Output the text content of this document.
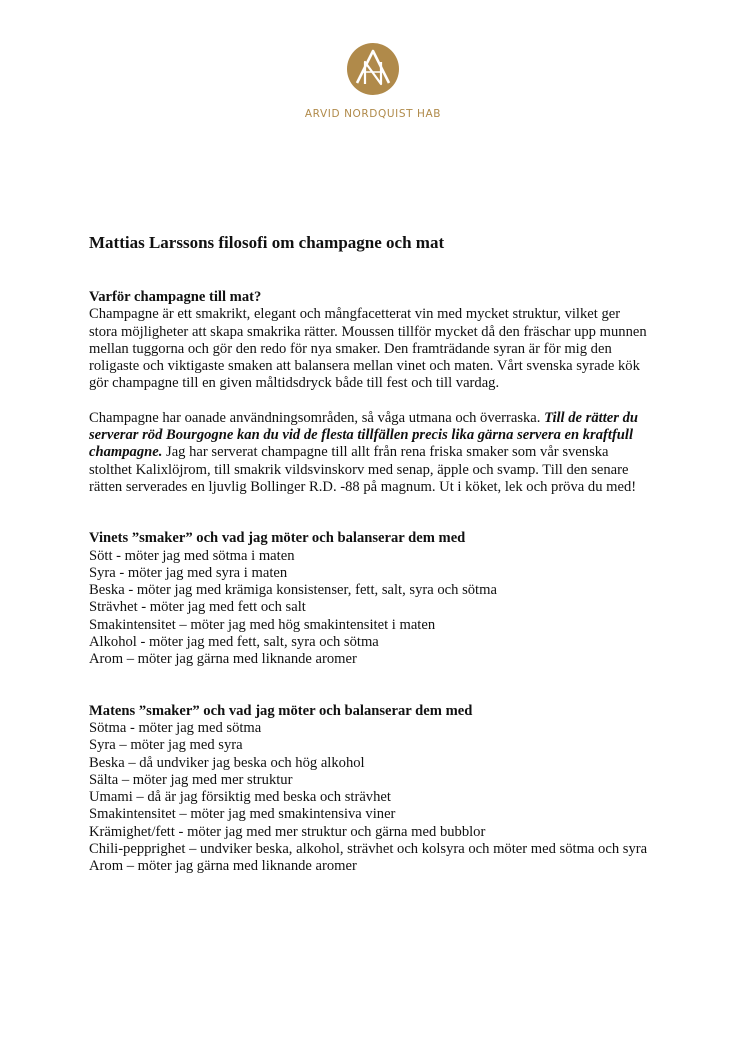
ARVID NORDQUIST HAB
Mattias Larssons filosofi om champagne och mat
Varför champagne till mat?

Champagne är ett smakrikt, elegant och mångfacetterat vin med mycket struktur, vilket ger stora möjligheter att skapa smakrika rätter. Moussen tillför mycket då den fräschar upp munnen mellan tuggorna och gör den redo för nya smaker. Den framträdande syran är för mig den roligaste och viktigaste smaken att balansera mellan vinet och maten. Vårt svenska syrade kök gör champagne till en given måltidsdryck både till fest och till vardag.

Champagne har oanade användningsområden, så våga utmana och överraska. Till de rätter du serverar röd Bourgogne kan du vid de flesta tillfällen precis lika gärna servera en kraftfull champagne. Jag har serverat champagne till allt från rena friska smaker som vår svenska stolthet Kalixlöjrom, till smakrik vildsvinskorv med senap, äpple och svamp. Till den senare rätten serverades en ljuvlig Bollinger R.D. -88 på magnum. Ut i köket, lek och pröva du med!

Vinets ”smaker” och vad jag möter och balanserar dem med
Sött - möter jag med sötma i maten
Syra - möter jag med syra i maten
Beska - möter jag med krämiga konsistenser, fett, salt, syra och sötma
Strävhet - möter jag med fett och salt
Smakintensitet – möter jag med hög smakintensitet i maten
Alkohol - möter jag med fett, salt, syra och sötma
Arom – möter jag gärna med liknande aromer
Matens ”smaker” och vad jag möter och balanserar dem med
Sötma - möter jag med sötma
Syra – möter jag med syra
Beska – då undviker jag beska och hög alkohol
Sälta – möter jag med mer struktur
Umami – då är jag försiktig med beska och strävhet
Smakintensitet – möter jag med smakintensiva viner
Krämighet/fett - möter jag med mer struktur och gärna med bubblor
Chili-pepprighet – undviker beska, alkohol, strävhet och kolsyra och möter med sötma och syra
Arom – möter jag gärna med liknande aromer
